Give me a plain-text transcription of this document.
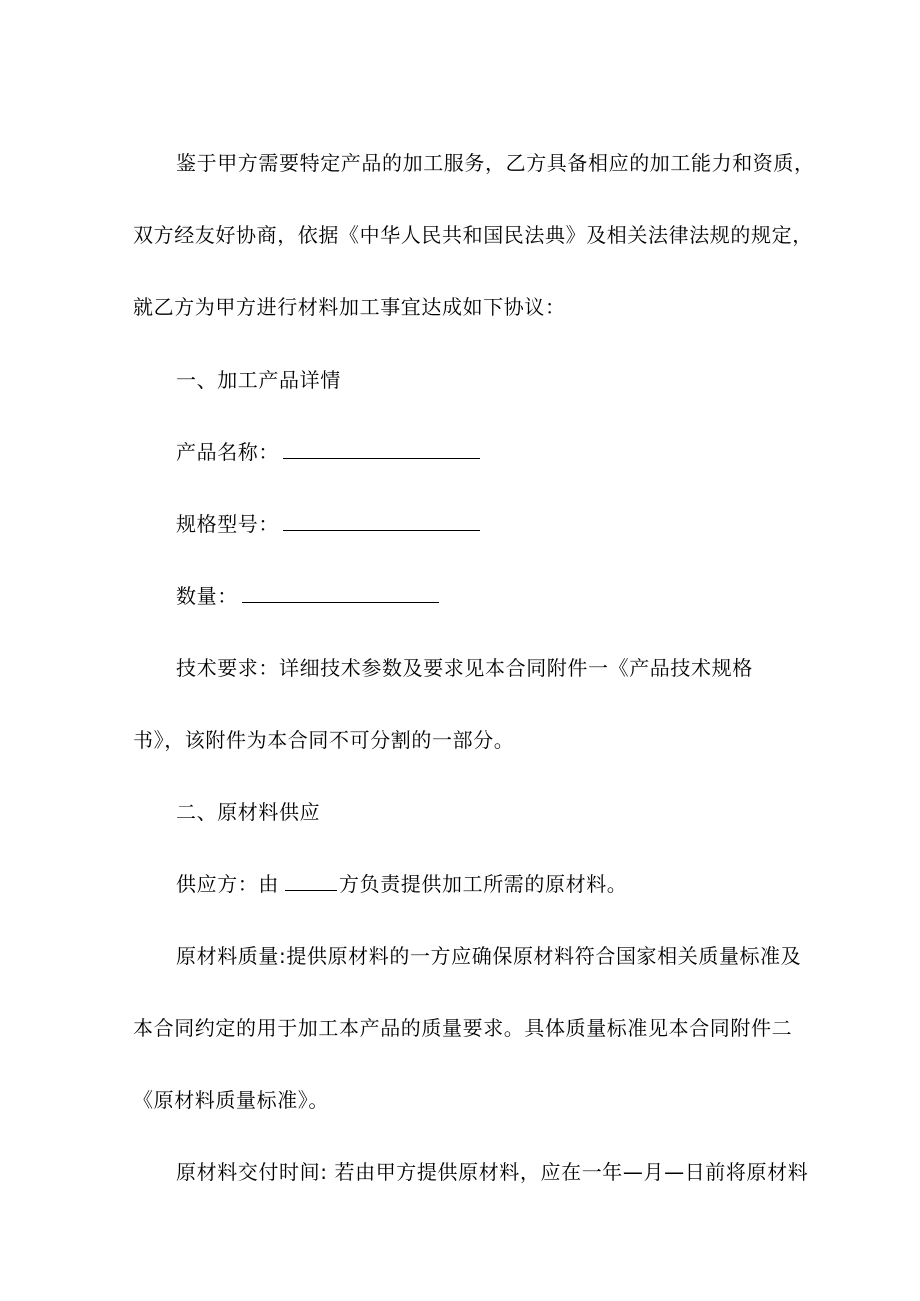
鉴于甲方需要特定产品的加工服务，乙方具备相应的加工能力和资质，
双方经友好协商，依据《中华人民共和国民法典》及相关法律法规的规定，
就乙方为甲方进行材料加工事宜达成如下协议：
一、加工产品详情
产品名称：
规格型号：
数量：
技术要求：详细技术参数及要求见本合同附件一《产品技术规格
书》，该附件为本合同不可分割的一部分。
二、原材料供应
供应方：由	方负责提供加工所需的原材料。
原材料质量:提供原材料的一方应确保原材料符合国家相关质量标准及
本合同约定的用于加工本产品的质量要求。具体质量标准见本合同附件二
《原材料质量标准》。
原材料交付时间: 若由甲方提供原材料，应在一年—月—日前将原材料
